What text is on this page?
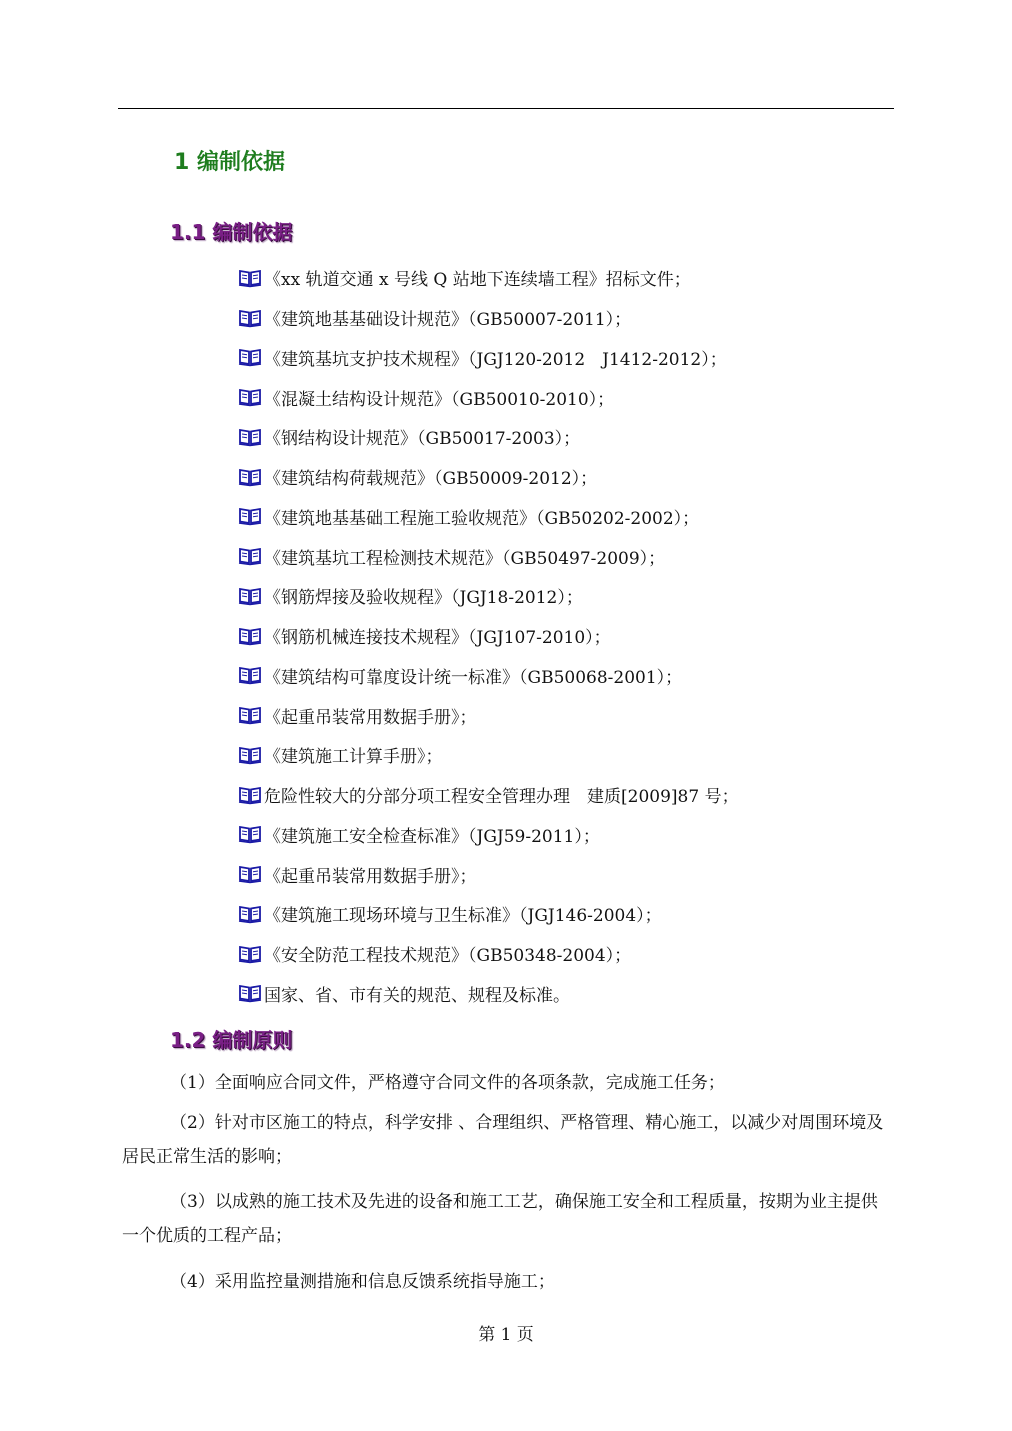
1 编制依据
1.1 编制依据
《xx 轨道交通 x 号线 Q 站地下连续墙工程》招标文件；
《建筑地基基础设计规范》（GB50007-2011）；
《建筑基坑支护技术规程》（JGJ120-2012　J1412-2012）；
《混凝土结构设计规范》（GB50010-2010）；
《钢结构设计规范》（GB50017-2003）；
《建筑结构荷载规范》（GB50009-2012）；
《建筑地基基础工程施工验收规范》（GB50202-2002）；
《建筑基坑工程检测技术规范》（GB50497-2009）；
《钢筋焊接及验收规程》（JGJ18-2012）；
《钢筋机械连接技术规程》（JGJ107-2010）；
《建筑结构可靠度设计统一标准》（GB50068-2001）；
《起重吊装常用数据手册》；
《建筑施工计算手册》；
危险性较大的分部分项工程安全管理办理　建质[2009]87 号；
《建筑施工安全检查标准》（JGJ59-2011）；
《起重吊装常用数据手册》；
《建筑施工现场环境与卫生标准》（JGJ146-2004）；
《安全防范工程技术规范》（GB50348-2004）；
国家、省、市有关的规范、规程及标准。
1.2 编制原则

（1）全面响应合同文件，严格遵守合同文件的各项条款，完成施工任务；

（2）针对市区施工的特点，科学安排 、合理组织、严格管理、精心施工，以减少对周围环境及居民正常生活的影响；

（3）以成熟的施工技术及先进的设备和施工工艺，确保施工安全和工程质量，按期为业主提供一个优质的工程产品；

（4）采用监控量测措施和信息反馈系统指导施工；

第 1 页
